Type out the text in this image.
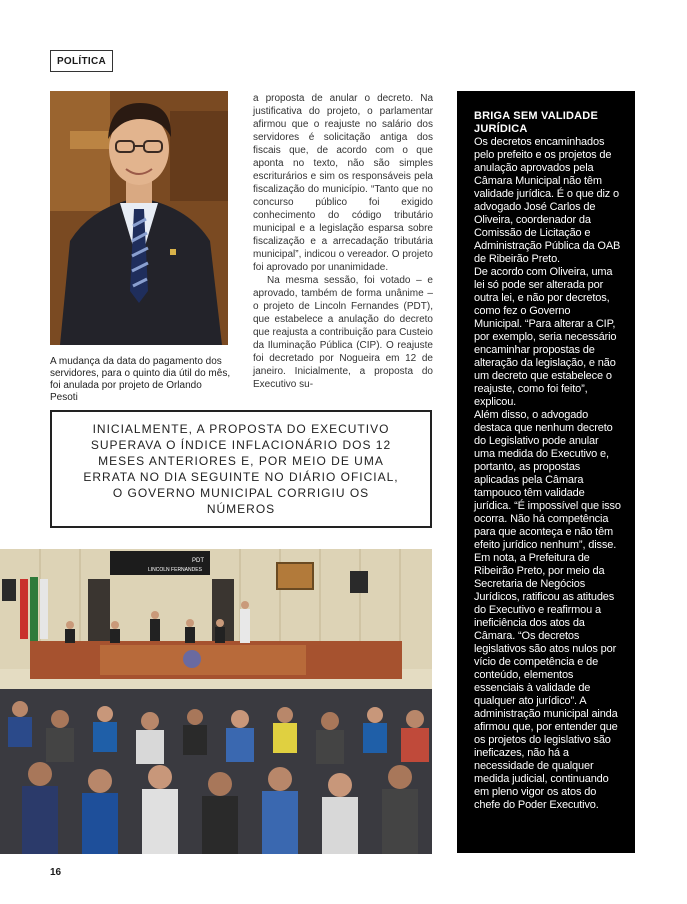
POLÍTICA
A mudança da data do pagamento dos servidores, para o quinto dia útil do mês, foi anulada por projeto de Orlando Pesoti

a proposta de anular o decreto. Na justificativa do projeto, o parlamentar afirmou que o reajuste no salário dos servidores é solicitação antiga dos fiscais que, de acordo com o que aponta no texto, não são simples escriturários e sim os responsáveis pela fiscalização do município. “Tanto que no concurso público foi exigido conhecimento do código tributário municipal e a legislação esparsa sobre fiscalização e a arrecadação tributária municipal”, indicou o vereador. O projeto foi aprovado por unanimidade.

Na mesma sessão, foi votado – e aprovado, também de forma unânime – o projeto de Lincoln Fernandes (PDT), que estabelece a anulação do decreto que reajusta a contribuição para Custeio da Iluminação Pública (CIP). O reajuste foi decretado por Nogueira em 12 de janeiro. Inicialmente, a proposta do Executivo su-

INICIALMENTE, A PROPOSTA DO EXECUTIVO SUPERAVA O ÍNDICE INFLACIONÁRIO DOS 12 MESES ANTERIORES E, POR MEIO DE UMA ERRATA NO DIA SEGUINTE NO DIÁRIO OFICIAL, O GOVERNO MUNICIPAL CORRIGIU OS NÚMEROS
PDT
LINCOLN FERNANDES
BRIGA SEM VALIDADE JURÍDICA
Os decretos encaminhados pelo prefeito e os projetos de anulação aprovados pela Câmara Municipal não têm validade jurídica. É o que diz o advogado José Carlos de Oliveira, coordenador da Comissão de Licitação e Administração Pública da OAB de Ribeirão Preto.
De acordo com Oliveira, uma lei só pode ser alterada por outra lei, e não por decretos, como fez o Governo Municipal. “Para alterar a CIP, por exemplo, seria necessário encaminhar propostas de alteração da legislação, e não um decreto que estabelece o reajuste, como foi feito”, explicou.
Além disso, o advogado destaca que nenhum decreto do Legislativo pode anular uma medida do Executivo e, portanto, as propostas aplicadas pela Câmara tampouco têm validade jurídica. “É impossível que isso ocorra. Não há competência para que aconteça e não têm efeito jurídico nenhum”, disse.
Em nota, a Prefeitura de Ribeirão Preto, por meio da Secretaria de Negócios Jurídicos, ratificou as atitudes do Executivo e reafirmou a ineficiência dos atos da Câmara. “Os decretos legislativos são atos nulos por vício de competência e de conteúdo, elementos essenciais à validade de qualquer ato jurídico”. A administração municipal ainda afirmou que, por entender que os projetos do legislativo são ineficazes, não há a necessidade de qualquer medida judicial, continuando em pleno vigor os atos do chefe do Poder Executivo.
16
